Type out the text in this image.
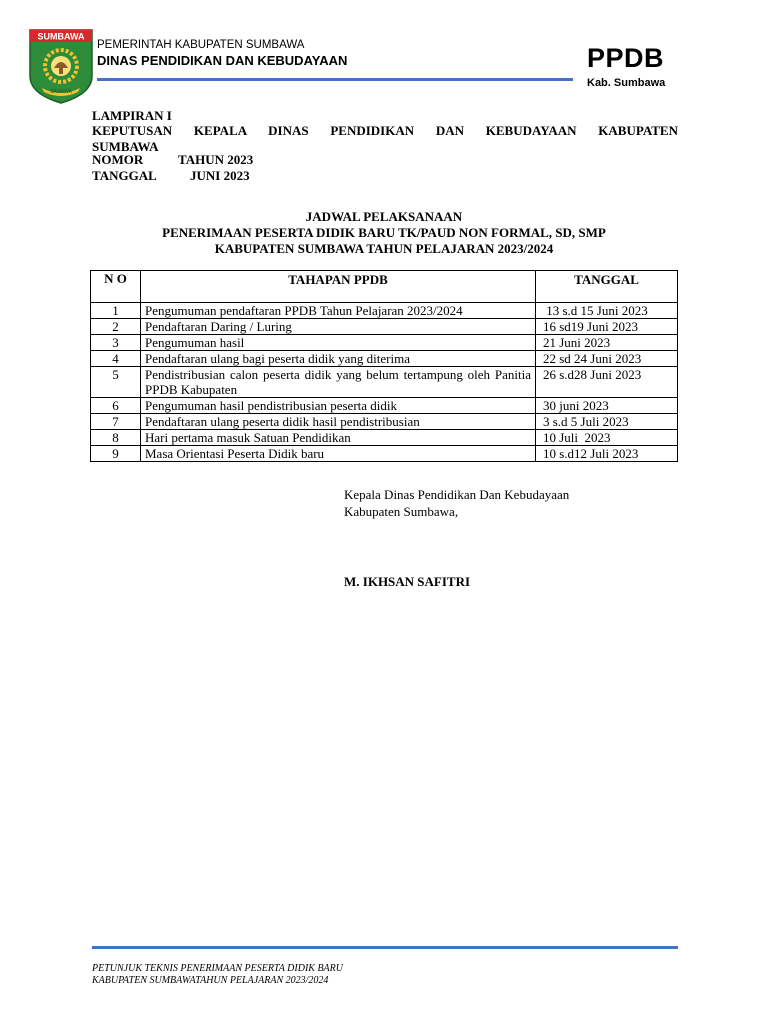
SUMBAWA
SAMAWA
PEMERINTAH KABUPATEN SUMBAWA
DINAS PENDIDIKAN DAN KEBUDAYAAN	PPDB
Kab. Sumbawa
LAMPIRAN I
KEPUTUSAN KEPALA DINAS PENDIDIKAN DAN KEBUDAYAAN KABUPATEN
SUMBAWA
NOMOR	TAHUN 2023
TANGGAL	JUNI 2023
JADWAL PELAKSANAAN
PENERIMAAN PESERTA DIDIK BARU TK/PAUD NON FORMAL, SD, SMP
KABUPATEN SUMBAWA TAHUN PELAJARAN 2023/2024
N O	TAHAPAN PPDB	TANGGAL
1	Pengumuman pendaftaran PPDB Tahun Pelajaran 2023/2024	13 s.d 15 Juni 2023
2	Pendaftaran Daring / Luring	16 sd19 Juni 2023
3	Pengumuman hasil	21 Juni 2023
4	Pendaftaran ulang bagi peserta didik yang diterima	22 sd 24 Juni 2023
5	Pendistribusian calon peserta didik yang belum tertampung oleh Panitia PPDB Kabupaten	26 s.d28 Juni 2023
6	Pengumuman hasil pendistribusian peserta didik	30 juni 2023
7	Pendaftaran ulang peserta didik hasil pendistribusian	3 s.d 5 Juli 2023
8	Hari pertama masuk Satuan Pendidikan	10 Juli  2023
9	Masa Orientasi Peserta Didik baru	10 s.d12 Juli 2023
Kepala Dinas Pendidikan Dan Kebudayaan
Kabupaten Sumbawa,
M. IKHSAN SAFITRI
PETUNJUK TEKNIS PENERIMAAN PESERTA DIDIK BARU
KABUPATEN SUMBAWATAHUN PELAJARAN 2023/2024
